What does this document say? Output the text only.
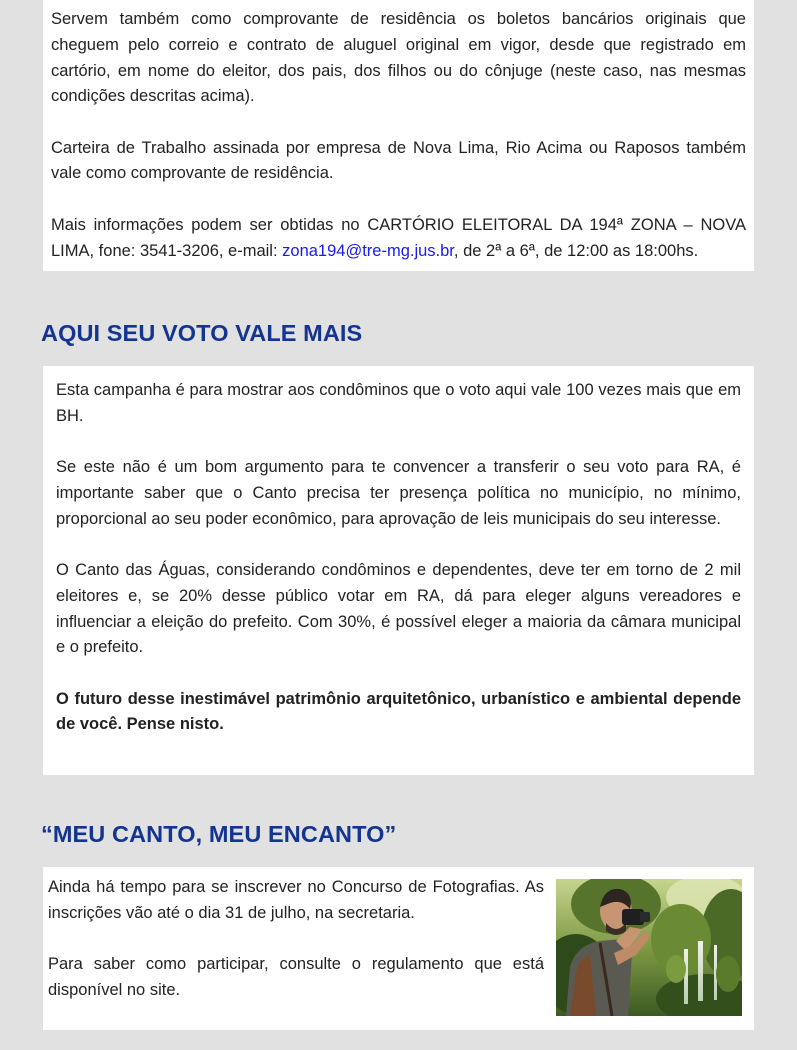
Servem também como comprovante de residência os boletos bancários originais que cheguem pelo correio e contrato de aluguel original em vigor, desde que registrado em cartório, em nome do eleitor, dos pais, dos filhos ou do cônjuge (neste caso, nas mesmas condições descritas acima).

Carteira de Trabalho assinada por empresa de Nova Lima, Rio Acima ou Raposos também vale como comprovante de residência.

Mais informações podem ser obtidas no CARTÓRIO ELEITORAL DA 194ª ZONA – NOVA LIMA, fone: 3541-3206, e-mail: zona194@tre-mg.jus.br, de 2ª a 6ª, de 12:00 as 18:00hs.

AQUI SEU VOTO VALE MAIS

Esta campanha é para mostrar aos condôminos que o voto aqui vale 100 vezes mais que em BH.

Se este não é um bom argumento para te convencer a transferir o seu voto para RA, é importante saber que o Canto precisa ter presença política no município, no mínimo, proporcional ao seu poder econômico, para aprovação de leis municipais do seu interesse.

O Canto das Águas, considerando condôminos e dependentes, deve ter em torno de 2 mil eleitores e, se 20% desse público votar em RA, dá para eleger alguns vereadores e influenciar a eleição do prefeito. Com 30%, é possível eleger a maioria da câmara municipal e o prefeito.

O futuro desse inestimável patrimônio arquitetônico, urbanístico e ambiental depende de você. Pense nisto.

“MEU CANTO, MEU ENCANTO”

Ainda há tempo para se inscrever no Concurso de Fotografias. As inscrições vão até o dia 31 de julho, na secretaria.

Para saber como participar, consulte o regulamento que está disponível no site.
